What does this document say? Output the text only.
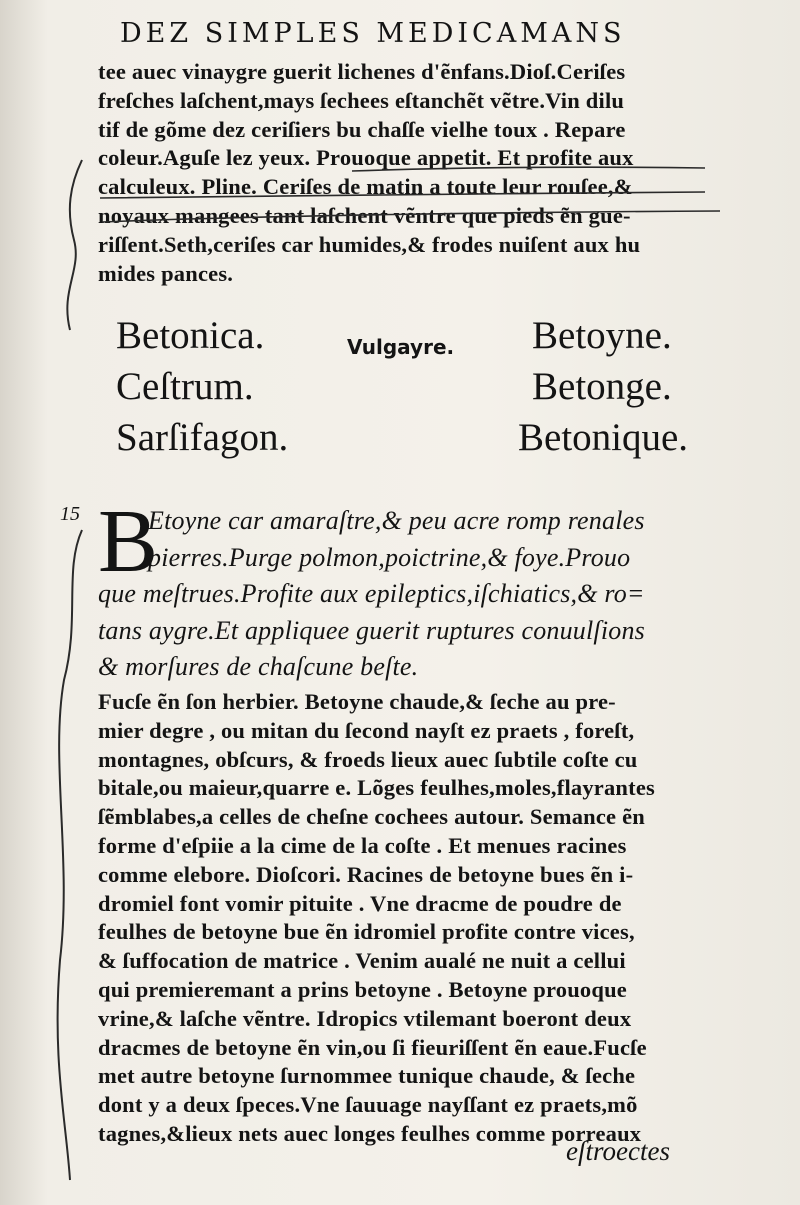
DEZ SIMPLES MEDICAMANS
tee auec vinaygre guerit lichenes d'ẽnfans.Dioſ.Ceriſes
freſches laſchent,mays ſechees eſtanchẽt vẽtre.Vin dilu
tif de gõme dez ceriſiers bu chaſſe vielhe toux . Repare
coleur.Aguſe lez yeux. Prouoque appetit. Et profite aux
calculeux. Pline. Ceriſes de matin a toute leur rouſee,&
noyaux mangees tant laſchent vẽntre que pieds ẽn gue-
riſſent.Seth,ceriſes car humides,& frodes nuiſent aux hu
mides pances.
Betonica.
Ceſtrum.
Sarſifagon.
Vulgayre. Betoyne.
Betonge.
Betonique.
15 B
Etoyne car amaraſtre,& peu acre romp renales
pierres.Purge polmon,poictrine,& foye.Prouo
que meſtrues.Profite aux epileptics,iſchiatics,& ro=
tans aygre.Et appliquee guerit ruptures conuulſions
& morſures de chaſcune beſte.
Fucſe ẽn ſon herbier. Betoyne chaude,& ſeche au pre-
mier degre , ou mitan du ſecond nayſt ez praets , foreſt,
montagnes, obſcurs, & froeds lieux auec ſubtile coſte cu
bitale,ou maieur,quarre e. Lõges feulhes,moles,flayrantes
ſẽmblabes,a celles de cheſne cochees autour. Semance ẽn
forme d'eſpiie a la cime de la coſte . Et menues racines
comme elebore. Dioſcori. Racines de betoyne bues ẽn i-
dromiel font vomir pituite . Vne dracme de poudre de
feulhes de betoyne bue ẽn idromiel profite contre vices,
& ſuffocation de matrice . Venim aualé ne nuit a cellui
qui premieremant a prins betoyne . Betoyne prouoque
vrine,& laſche vẽntre. Idropics vtilemant boeront deux
dracmes de betoyne ẽn vin,ou ſi fieuriſſent ẽn eaue.Fucſe
met autre betoyne ſurnommee tunique chaude, & ſeche
dont y a deux ſpeces.Vne ſauuage nayſſant ez praets,mõ
tagnes,&lieux nets auec longes feulhes comme porreaux
eſtroectes
